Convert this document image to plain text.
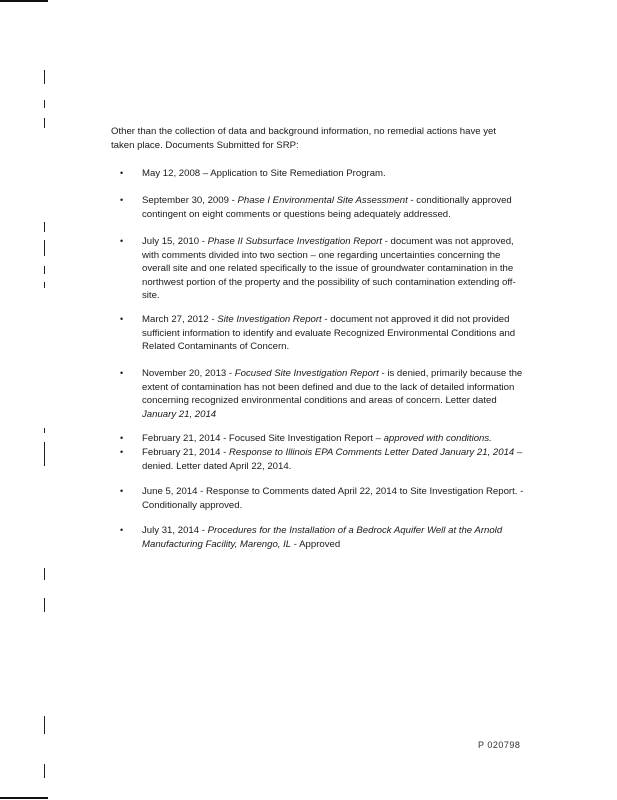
Other than the collection of data and background information, no remedial actions have yet taken place. Documents Submitted for SRP:
• May 12, 2008 – Application to Site Remediation Program.
• September 30, 2009 - Phase I Environmental Site Assessment - conditionally approved contingent on eight comments or questions being adequately addressed.
• July 15, 2010 - Phase II Subsurface Investigation Report - document was not approved, with comments divided into two section – one regarding uncertainties concerning the overall site and one related specifically to the issue of groundwater contamination in the northwest portion of the property and the possibility of such contamination extending off-site.
• March 27, 2012 - Site Investigation Report - document not approved it did not provided sufficient information to identify and evaluate Recognized Environmental Conditions and Related Contaminants of Concern.
• November 20, 2013 - Focused Site Investigation Report - is denied, primarily because the extent of contamination has not been defined and due to the lack of detailed information concerning recognized environmental conditions and areas of concern. Letter dated January 21, 2014
• February 21, 2014 - Focused Site Investigation Report – approved with conditions.
• February 21, 2014 - Response to Illinois EPA Comments Letter Dated January 21, 2014 – denied. Letter dated April 22, 2014.
• June 5, 2014 - Response to Comments dated April 22, 2014 to Site Investigation Report. - Conditionally approved.
• July 31, 2014 - Procedures for the Installation of a Bedrock Aquifer Well at the Arnold Manufacturing Facility, Marengo, IL - Approved
P 020798
